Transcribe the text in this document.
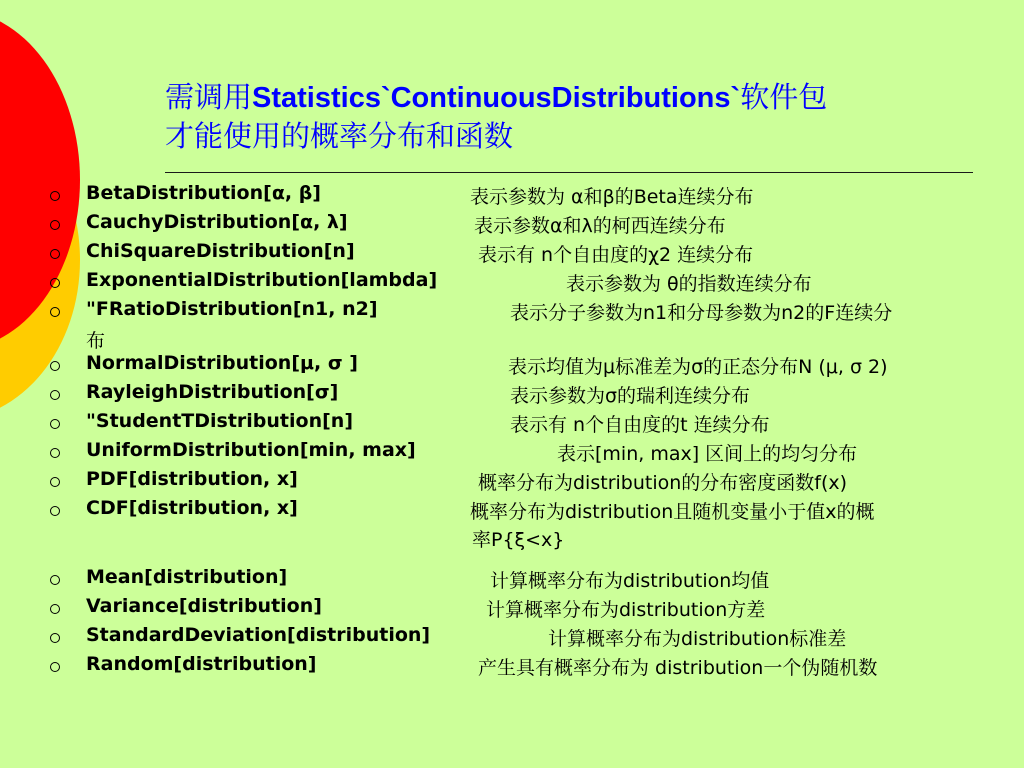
需调用Statistics`ContinuousDistributions`软件包
才能使用的概率分布和函数
BetaDistribution[α, β]	表示参数为 α和β的Beta连续分布
CauchyDistribution[α, λ]	表示参数α和λ的柯西连续分布
ChiSquareDistribution[n]	表示有 n个自由度的χ2 连续分布
ExponentialDistribution[lambda]	表示参数为 θ的指数连续分布
"FRatioDistribution[n1, n2]	表示分子参数为n1和分母参数为n2的F连续分
布
NormalDistribution[μ, σ ]	表示均值为μ标准差为σ的正态分布N (μ, σ 2)
RayleighDistribution[σ]	表示参数为σ的瑞利连续分布
"StudentTDistribution[n]	表示有 n个自由度的t 连续分布
UniformDistribution[min, max]	表示[min, max] 区间上的均匀分布
PDF[distribution, x]	概率分布为distribution的分布密度函数f(x)
CDF[distribution, x]	概率分布为distribution且随机变量小于值x的概
率P{ξ<x}
Mean[distribution]	计算概率分布为distribution均值
Variance[distribution]	计算概率分布为distribution方差
StandardDeviation[distribution]	计算概率分布为distribution标准差
Random[distribution]	产生具有概率分布为 distribution一个伪随机数
